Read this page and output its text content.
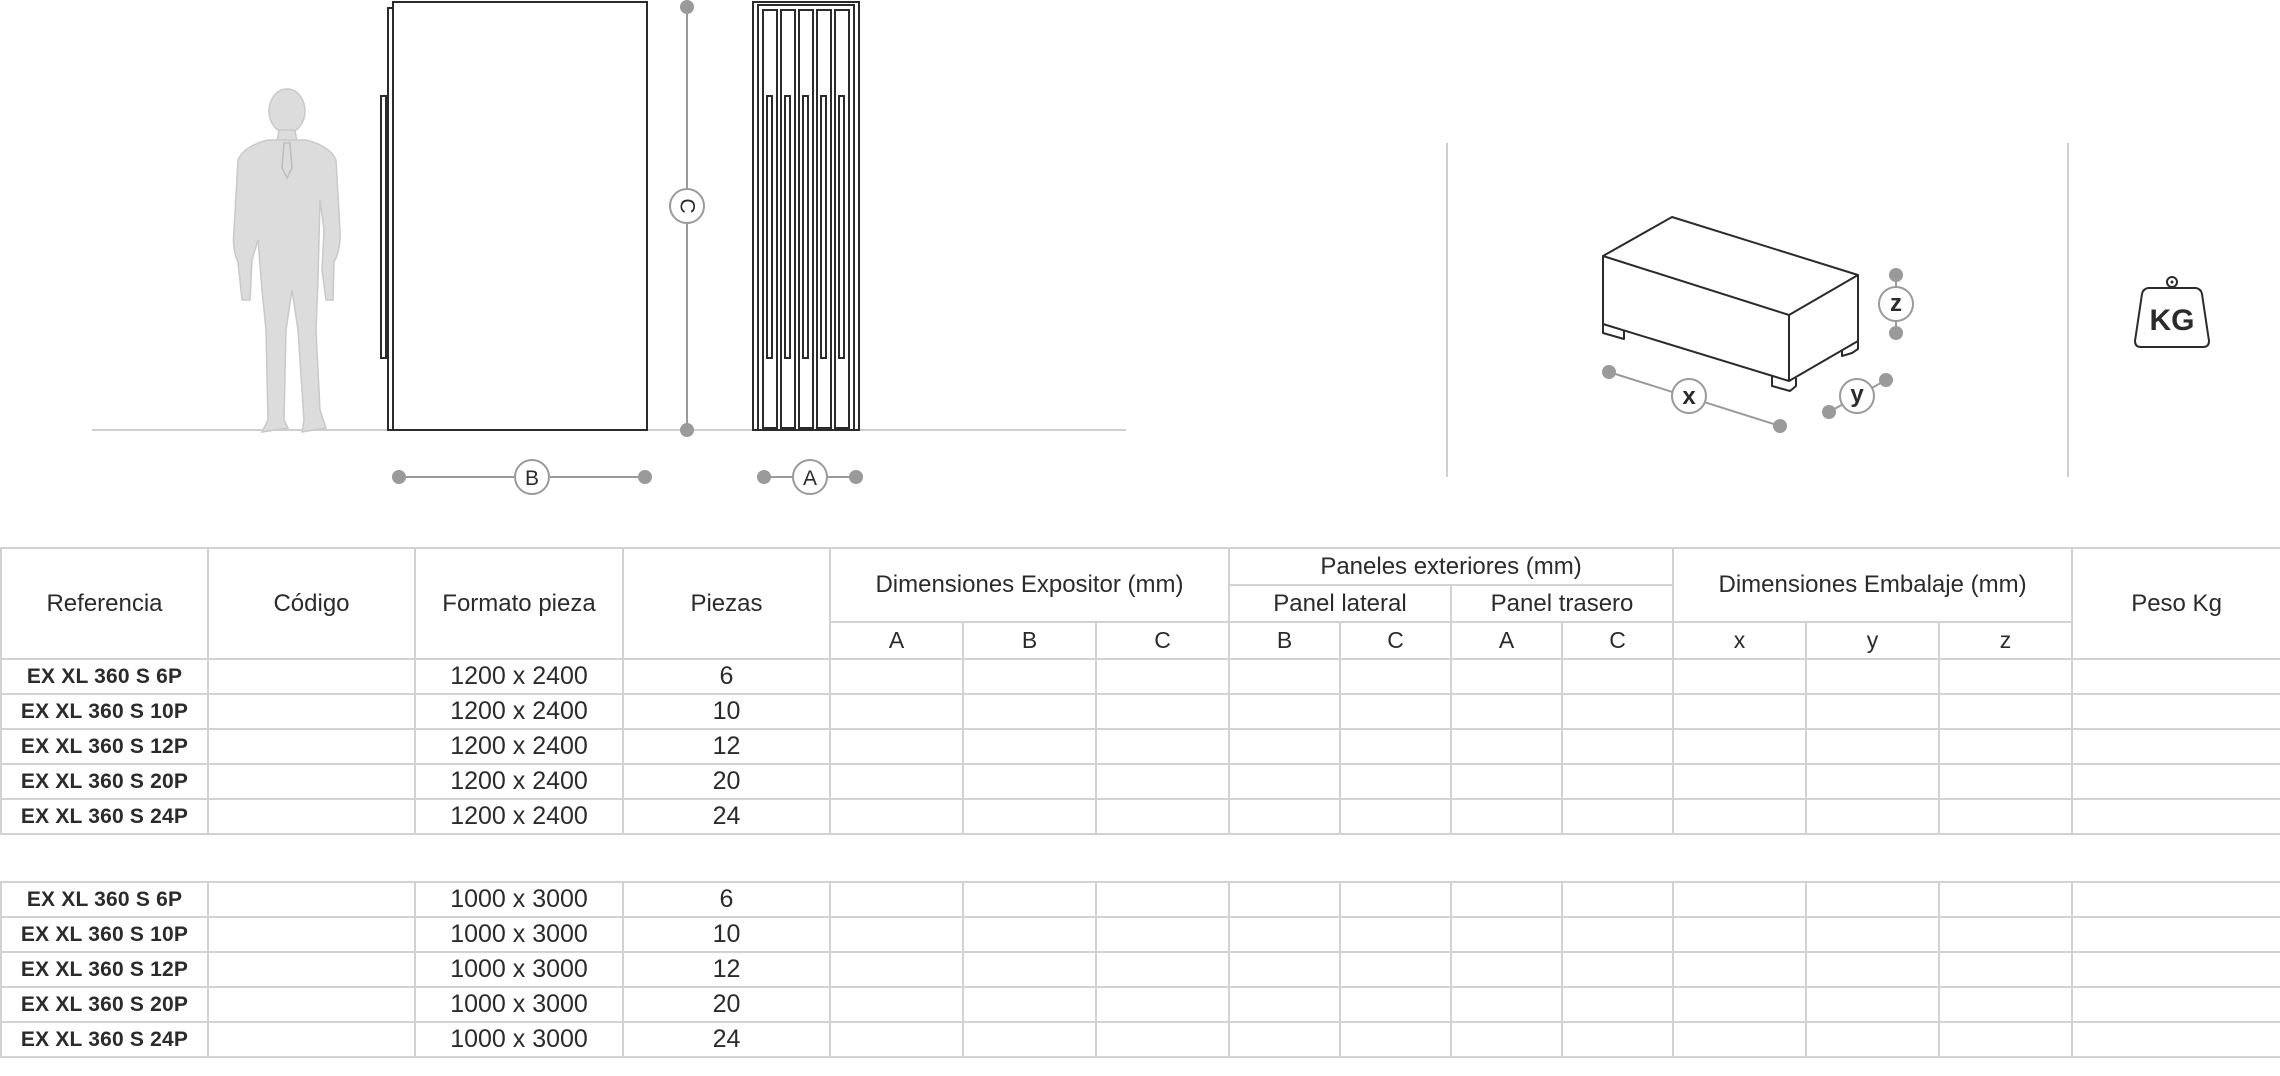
B
C
A
x	y
z
KG
Referencia	Código	Formato pieza	Piezas	Dimensiones Expositor (mm)			Paneles exteriores (mm)				Dimensiones Embalaje (mm)			Peso Kg
							Panel lateral		Panel trasero					
				A	B	C	B	C	A	C	x	y	z	
EX XL 360 S 6P		1200 x 2400	6											
EX XL 360 S 10P		1200 x 2400	10											
EX XL 360 S 12P		1200 x 2400	12											
EX XL 360 S 20P		1200 x 2400	20											
EX XL 360 S 24P		1200 x 2400	24											

EX XL 360 S 6P		1000 x 3000	6											
EX XL 360 S 10P		1000 x 3000	10											
EX XL 360 S 12P		1000 x 3000	12											
EX XL 360 S 20P		1000 x 3000	20											
EX XL 360 S 24P		1000 x 3000	24											
